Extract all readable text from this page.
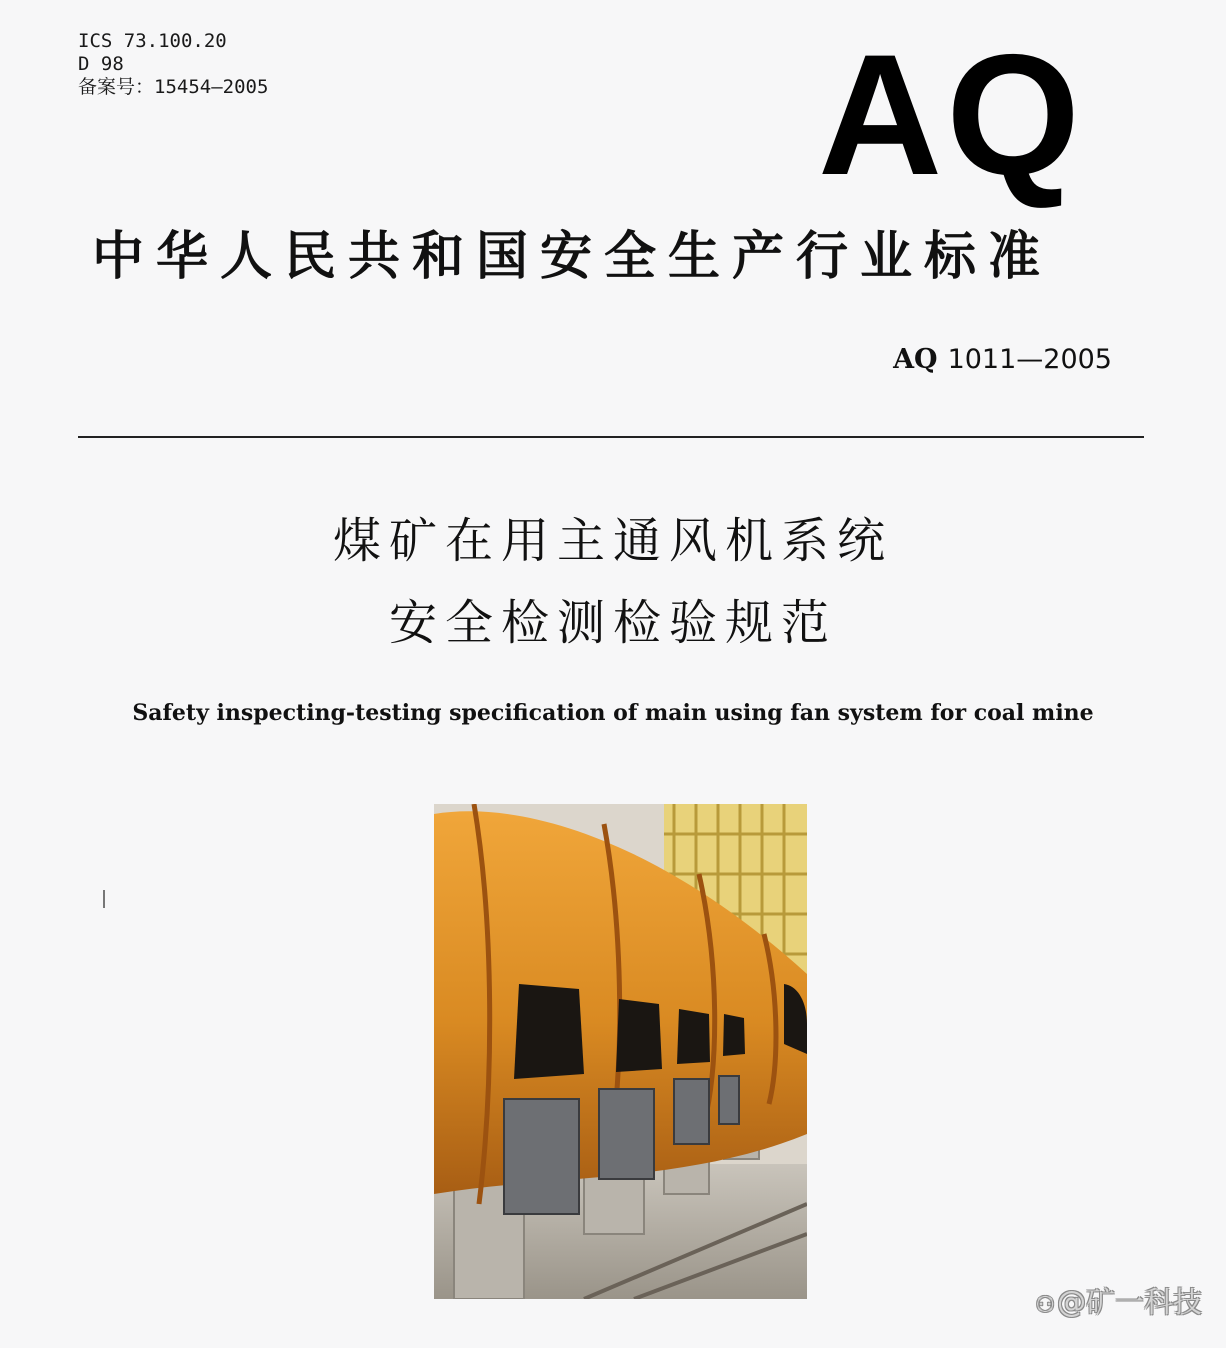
ICS 73.100.20
D 98
备案号：15454—2005	AQ
中华人民共和国安全生产行业标准
AQ 1011—2005
煤矿在用主通风机系统
安全检测检验规范
Safety inspecting-testing specification of main using fan system for coal mine
⚇@矿一科技
